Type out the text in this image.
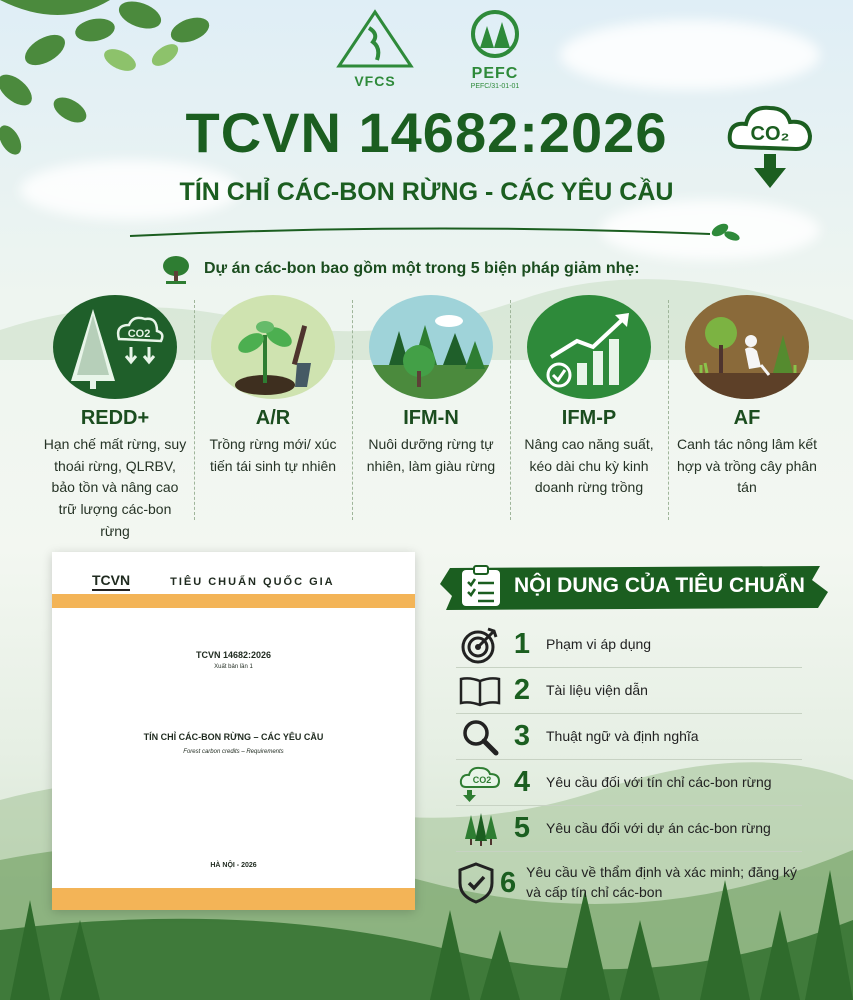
VFCS	PEFC
PEFC/31-01-01
TCVN 14682:2026
TÍN CHỈ CÁC-BON RỪNG - CÁC YÊU CẦU
CO₂
Dự án các-bon bao gồm một trong 5 biện pháp giảm nhẹ:
CO2
REDD+
Hạn chế mất rừng, suy thoái rừng, QLRBV, bảo tồn và nâng cao trữ lượng các-bon rừng
A/R
Trồng rừng mới/ xúc tiến tái sinh tự nhiên
IFM-N
Nuôi dưỡng rừng tự nhiên, làm giàu rừng
IFM-P
Nâng cao năng suất, kéo dài chu kỳ kinh doanh rừng trồng
AF
Canh tác nông lâm kết hợp và trồng cây phân tán
TCVN	TIÊU CHUẨN QUỐC GIA
TCVN 14682:2026
Xuất bản lần 1
TÍN CHỈ CÁC-BON RỪNG – CÁC YÊU CẦU
Forest carbon credits – Requirements
HÀ NỘI - 2026
NỘI DUNG CỦA TIÊU CHUẨN
1	Phạm vi áp dụng
2	Tài liệu viện dẫn
3	Thuật ngữ và định nghĩa
CO2 4	Yêu cầu đối với tín chỉ các-bon rừng
5	Yêu cầu đối với dự án các-bon rừng
6 Yêu cầu về thẩm định và xác minh; đăng ký và cấp tín chỉ các-bon
